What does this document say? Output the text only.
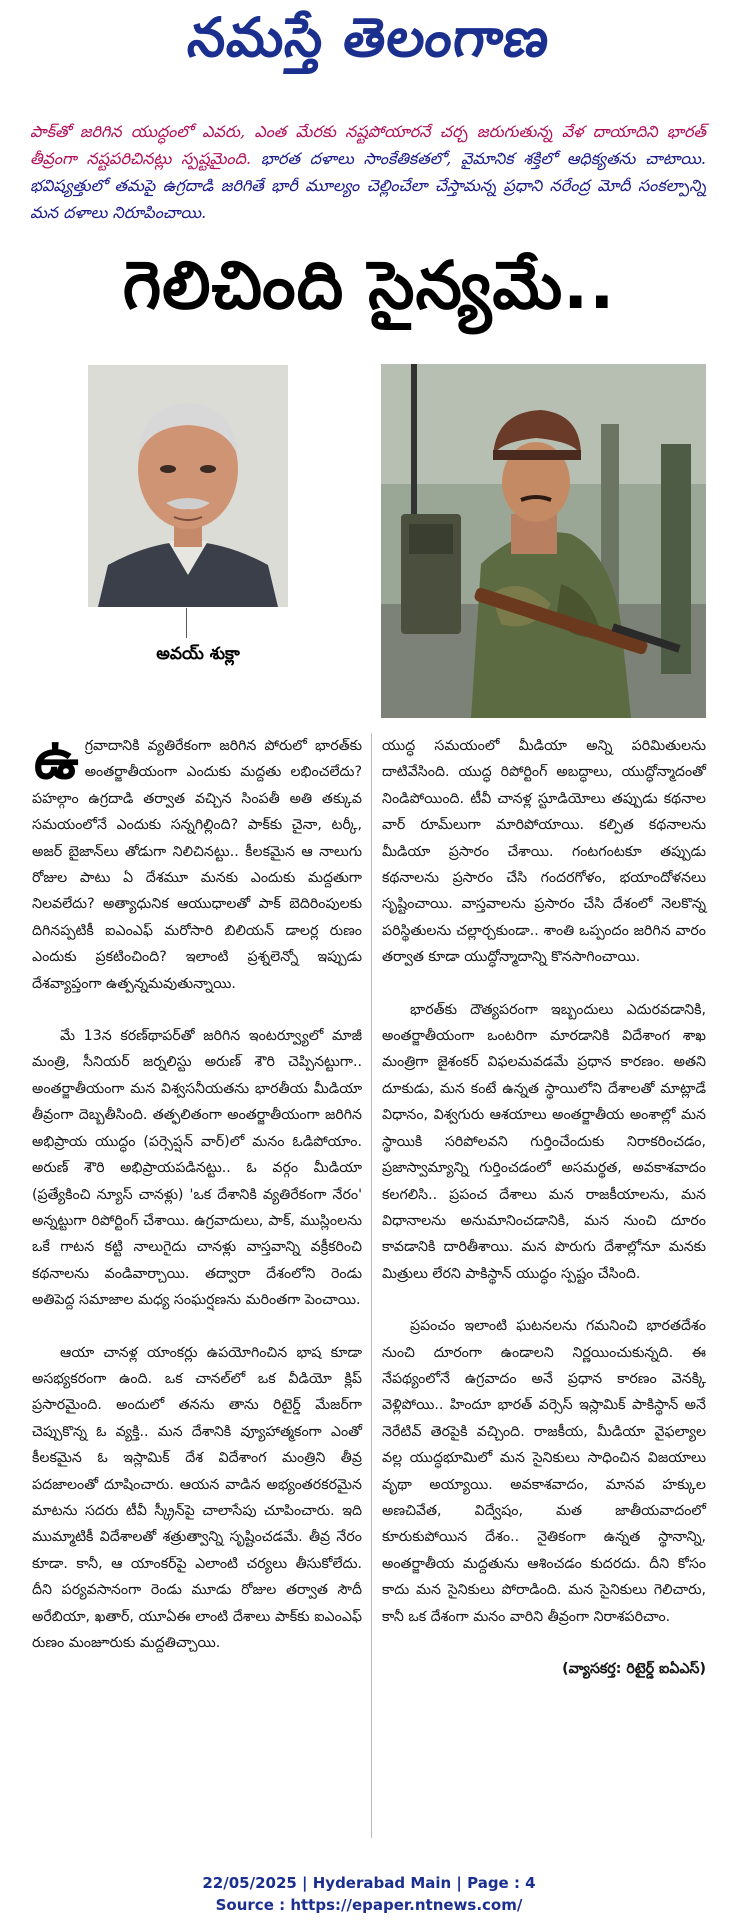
నమస్తే తెలంగాణ
పాక్‌తో జరిగిన యుద్ధంలో ఎవరు, ఎంత మేరకు నష్టపోయారనే చర్చ జరుగుతున్న వేళ దాయాదిని భారత్ తీవ్రంగా నష్టపరిచినట్లు స్పష్టమైంది. భారత దళాలు సాంకేతికతలో, వైమానిక శక్తిలో ఆధిక్యతను చాటాయి. భవిష్యత్తులో తమపై ఉగ్రదాడి జరిగితే భారీ మూల్యం చెల్లించేలా చేస్తామన్న ప్రధాని నరేంద్ర మోదీ సంకల్పాన్ని మన దళాలు నిరూపించాయి.
గెలిచింది సైన్యమే..
అవయ్ శుక్లా

ఉగ్రవాదానికి వ్యతిరేకంగా జరిగిన పోరులో భారత్‌కు అంతర్జాతీయంగా ఎందుకు మద్దతు లభించలేదు? పహల్గాం ఉగ్రదాడి తర్వాత వచ్చిన సింపతీ అతి తక్కువ సమయంలోనే ఎందుకు సన్నగిల్లింది? పాక్‌కు చైనా, టర్కీ, అజర్ బైజాన్‌లు తోడుగా నిలిచినట్టు.. కీలకమైన ఆ నాలుగు రోజుల పాటు ఏ దేశమూ మనకు ఎందుకు మద్దతుగా నిలవలేదు? అత్యాధునిక ఆయుధాలతో పాక్ బెదిరింపులకు దిగినప్పటికీ ఐఎంఎఫ్ మరోసారి బిలియన్ డాలర్ల రుణం ఎందుకు ప్రకటించింది? ఇలాంటి ప్రశ్నలెన్నో ఇప్పుడు దేశవ్యాప్తంగా ఉత్పన్నమవుతున్నాయి.

మే 13న కరణ్‌థాపర్‌తో జరిగిన ఇంటర్వ్యూలో మాజీ మంత్రి, సీనియర్ జర్నలిస్టు అరుణ్ శౌరి చెప్పినట్టుగా.. అంతర్జాతీయంగా మన విశ్వసనీయతను భారతీయ మీడియా తీవ్రంగా దెబ్బతీసింది. తత్ఫలితంగా అంతర్జాతీయంగా జరిగిన అభిప్రాయ యుద్ధం (పర్సెప్షన్ వార్)లో మనం ఓడిపోయాం. అరుణ్ శౌరి అభిప్రాయపడినట్టు.. ఓ వర్గం మీడియా (ప్రత్యేకించి న్యూస్ చానళ్లు) 'ఒక దేశానికి వ్యతిరేకంగా నేరం' అన్నట్టుగా రిపోర్టింగ్ చేశాయి. ఉగ్రవాదులు, పాక్, ముస్లింలను ఒకే గాటన కట్టి నాలుగైదు చానళ్లు వాస్తవాన్ని వక్రీకరించి కథనాలను వండివార్చాయి. తద్వారా దేశంలోని రెండు అతిపెద్ద సమాజాల మధ్య సంఘర్షణను మరింతగా పెంచాయి.

ఆయా చానళ్ల యాంకర్లు ఉపయోగించిన భాష కూడా అసభ్యకరంగా ఉంది. ఒక చానల్‌లో ఒక వీడియో క్లిప్ ప్రసారమైంది. అందులో తనను తాను రిటైర్డ్ మేజర్‌గా చెప్పుకొన్న ఓ వ్యక్తి.. మన దేశానికి వ్యూహాత్మకంగా ఎంతో కీలకమైన ఓ ఇస్లామిక్ దేశ విదేశాంగ మంత్రిని తీవ్ర పదజాలంతో దూషించారు. ఆయన వాడిన అభ్యంతరకరమైన మాటను సదరు టీవీ స్క్రీన్‌పై చాలాసేపు చూపించారు. ఇది ముమ్మాటికీ విదేశాలతో శత్రుత్వాన్ని సృష్టించడమే. తీవ్ర నేరం కూడా. కానీ, ఆ యాంకర్‌పై ఎలాంటి చర్యలు తీసుకోలేదు. దీని పర్యవసానంగా రెండు మూడు రోజుల తర్వాత సౌదీ అరేబియా, ఖతార్, యూఏఈ లాంటి దేశాలు పాక్‌కు ఐఎంఎఫ్ రుణం మంజూరుకు మద్దతిచ్చాయి.

యుద్ధ సమయంలో మీడియా అన్ని పరిమితులను దాటివేసింది. యుద్ధ రిపోర్టింగ్ అబద్ధాలు, యుద్ధోన్మాదంతో నిండిపోయింది. టీవీ చానళ్ల స్టూడియోలు తప్పుడు కథనాల వార్ రూమ్‌లుగా మారిపోయాయి. కల్పిత కథనాలను మీడియా ప్రసారం చేశాయి. గంటగంటకూ తప్పుడు కథనాలను ప్రసారం చేసి గందరగోళం, భయాందోళనలు సృష్టించాయి. వాస్తవాలను ప్రసారం చేసి దేశంలో నెలకొన్న పరిస్థితులను చల్లార్చకుండా.. శాంతి ఒప్పందం జరిగిన వారం తర్వాత కూడా యుద్ధోన్మాదాన్ని కొనసాగించాయి.

భారత్‌కు దౌత్యపరంగా ఇబ్బందులు ఎదురవడానికి, అంతర్జాతీయంగా ఒంటరిగా మారడానికి విదేశాంగ శాఖ మంత్రిగా జైశంకర్ విఫలమవడమే ప్రధాన కారణం. అతని దూకుడు, మన కంటే ఉన్నత స్థాయిలోని దేశాలతో మాట్లాడే విధానం, విశ్వగురు ఆశయాలు అంతర్జాతీయ అంశాల్లో మన స్థాయికి సరిపోలవని గుర్తించేందుకు నిరాకరించడం, ప్రజాస్వామ్యాన్ని గుర్తించడంలో అసమర్థత, అవకాశవాదం కలగలిసి.. ప్రపంచ దేశాలు మన రాజకీయాలను, మన విధానాలను అనుమానించడానికి, మన నుంచి దూరం కావడానికి దారితీశాయి. మన పొరుగు దేశాల్లోనూ మనకు మిత్రులు లేరని పాకిస్థాన్ యుద్ధం స్పష్టం చేసింది.

ప్రపంచం ఇలాంటి ఘటనలను గమనించి భారతదేశం నుంచి దూరంగా ఉండాలని నిర్ణయించుకున్నది. ఈ నేపథ్యంలోనే ఉగ్రవాదం అనే ప్రధాన కారణం వెనక్కి వెళ్లిపోయి.. హిందూ భారత్ వర్సెస్ ఇస్లామిక్ పాకిస్థాన్ అనే నెరేటివ్ తెరపైకి వచ్చింది. రాజకీయ, మీడియా వైఫల్యాల వల్ల యుద్ధభూమిలో మన సైనికులు సాధించిన విజయాలు వృథా అయ్యాయి. అవకాశవాదం, మానవ హక్కుల అణచివేత, విద్వేషం, మత జాతీయవాదంలో కూరుకుపోయిన దేశం.. నైతికంగా ఉన్నత స్థానాన్ని, అంతర్జాతీయ మద్దతును ఆశించడం కుదరదు. దీని కోసం కాదు మన సైనికులు పోరాడింది. మన సైనికులు గెలిచారు, కానీ ఒక దేశంగా మనం వారిని తీవ్రంగా నిరాశపరిచాం.

(వ్యాసకర్త: రిటైర్డ్ ఐఏఎస్)

22/05/2025 | Hyderabad Main | Page : 4
Source : https://epaper.ntnews.com/
